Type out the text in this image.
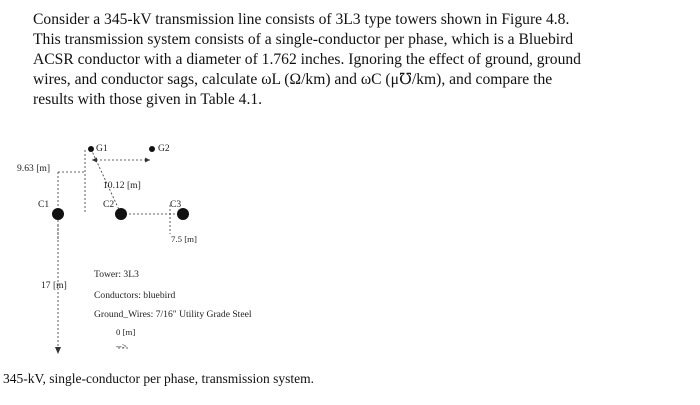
Consider a 345-kV transmission line consists of 3L3 type towers shown in Figure 4.8.

This transmission system consists of a single-conductor per phase, which is a Bluebird

ACSR conductor with a diameter of 1.762 inches. Ignoring the effect of ground, ground

wires, and conductor sags, calculate ωL (Ω/km) and ωC (μ℧/km), and compare the

results with those given in Table 4.1.

G1	G2
9.63 [m]
10.12 [m]
C1	C2	C3
7.5 [m]
17 [m]
Tower: 3L3
Conductors: bluebird
Ground_Wires: 7/16" Utility Grade Steel
0 [m]
-->
345-kV, single-conductor per phase, transmission system.
